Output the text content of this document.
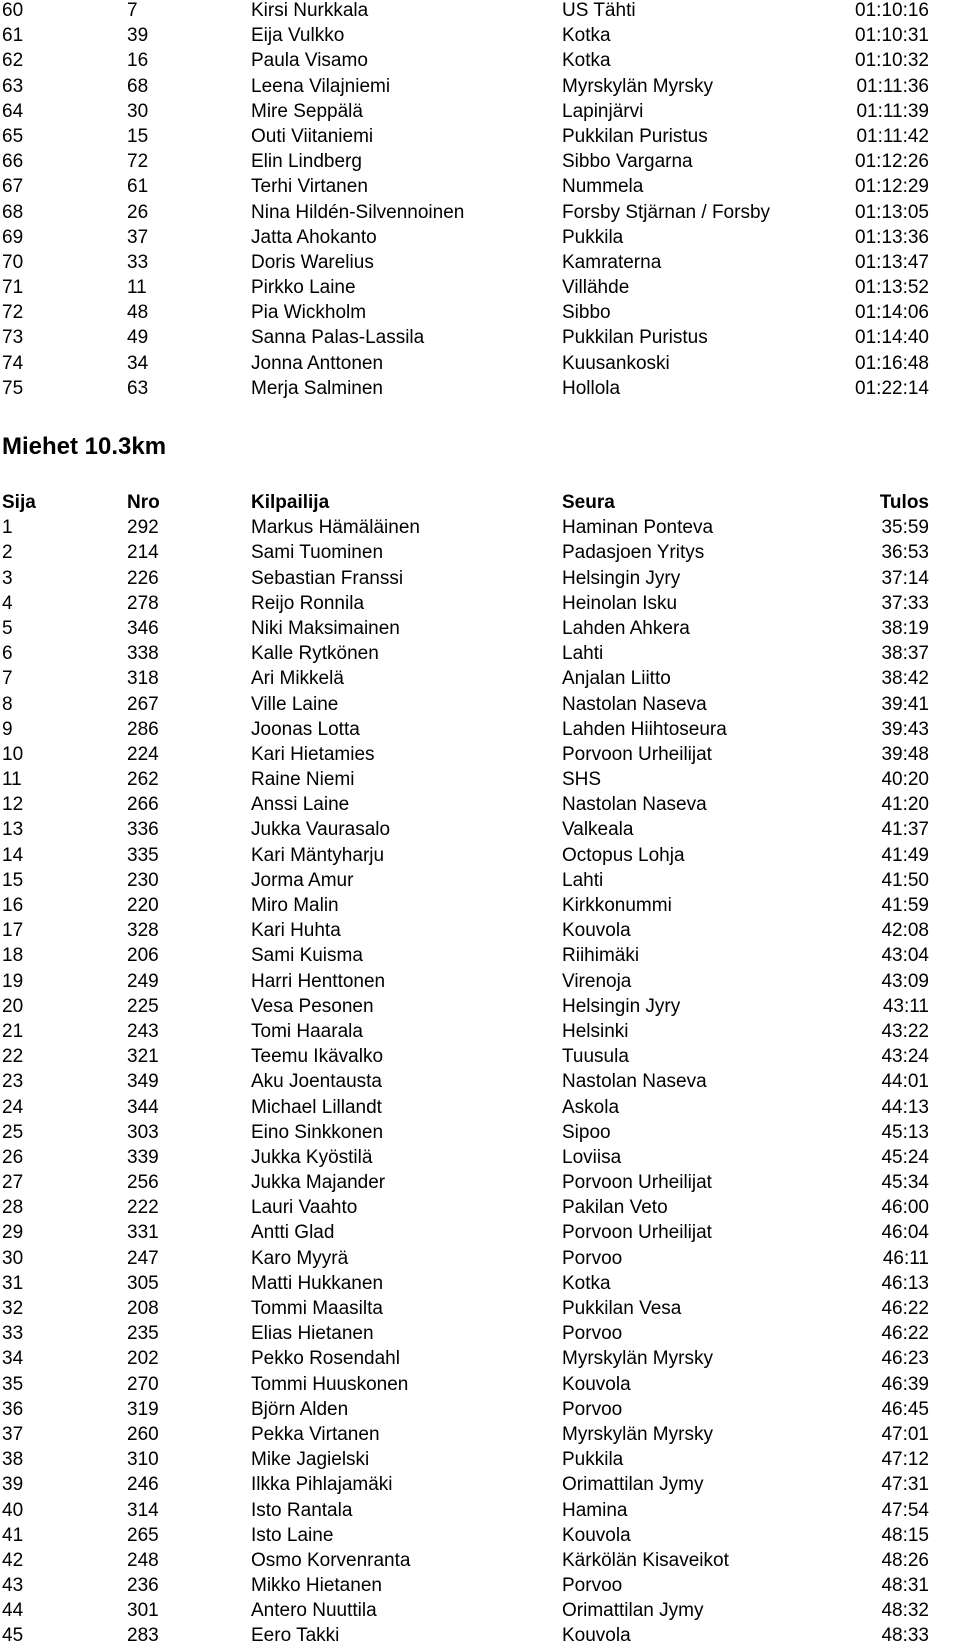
60	7	Kirsi Nurkkala	US Tähti	01:10:16
61	39	Eija Vulkko	Kotka	01:10:31
62	16	Paula Visamo	Kotka	01:10:32
63	68	Leena Vilajniemi	Myrskylän Myrsky	01:11:36
64	30	Mire Seppälä	Lapinjärvi	01:11:39
65	15	Outi Viitaniemi	Pukkilan Puristus	01:11:42
66	72	Elin Lindberg	Sibbo Vargarna	01:12:26
67	61	Terhi Virtanen	Nummela	01:12:29
68	26	Nina Hildén-Silvennoinen	Forsby Stjärnan / Forsby	01:13:05
69	37	Jatta Ahokanto	Pukkila	01:13:36
70	33	Doris Warelius	Kamraterna	01:13:47
71	11	Pirkko Laine	Villähde	01:13:52
72	48	Pia Wickholm	Sibbo	01:14:06
73	49	Sanna Palas-Lassila	Pukkilan Puristus	01:14:40
74	34	Jonna Anttonen	Kuusankoski	01:16:48
75	63	Merja Salminen	Hollola	01:22:14
Miehet 10.3km
Sija	Nro	Kilpailija	Seura	Tulos
1	292	Markus Hämäläinen	Haminan Ponteva	35:59
2	214	Sami Tuominen	Padasjoen Yritys	36:53
3	226	Sebastian Franssi	Helsingin Jyry	37:14
4	278	Reijo Ronnila	Heinolan Isku	37:33
5	346	Niki Maksimainen	Lahden Ahkera	38:19
6	338	Kalle Rytkönen	Lahti	38:37
7	318	Ari Mikkelä	Anjalan Liitto	38:42
8	267	Ville Laine	Nastolan Naseva	39:41
9	286	Joonas Lotta	Lahden Hiihtoseura	39:43
10	224	Kari Hietamies	Porvoon Urheilijat	39:48
11	262	Raine Niemi	SHS	40:20
12	266	Anssi Laine	Nastolan Naseva	41:20
13	336	Jukka Vaurasalo	Valkeala	41:37
14	335	Kari Mäntyharju	Octopus Lohja	41:49
15	230	Jorma Amur	Lahti	41:50
16	220	Miro Malin	Kirkkonummi	41:59
17	328	Kari Huhta	Kouvola	42:08
18	206	Sami Kuisma	Riihimäki	43:04
19	249	Harri Henttonen	Virenoja	43:09
20	225	Vesa Pesonen	Helsingin Jyry	43:11
21	243	Tomi Haarala	Helsinki	43:22
22	321	Teemu Ikävalko	Tuusula	43:24
23	349	Aku Joentausta	Nastolan Naseva	44:01
24	344	Michael Lillandt	Askola	44:13
25	303	Eino Sinkkonen	Sipoo	45:13
26	339	Jukka Kyöstilä	Loviisa	45:24
27	256	Jukka Majander	Porvoon Urheilijat	45:34
28	222	Lauri Vaahto	Pakilan Veto	46:00
29	331	Antti Glad	Porvoon Urheilijat	46:04
30	247	Karo Myyrä	Porvoo	46:11
31	305	Matti Hukkanen	Kotka	46:13
32	208	Tommi Maasilta	Pukkilan Vesa	46:22
33	235	Elias Hietanen	Porvoo	46:22
34	202	Pekko Rosendahl	Myrskylän Myrsky	46:23
35	270	Tommi Huuskonen	Kouvola	46:39
36	319	Björn Alden	Porvoo	46:45
37	260	Pekka Virtanen	Myrskylän Myrsky	47:01
38	310	Mike Jagielski	Pukkila	47:12
39	246	Ilkka Pihlajamäki	Orimattilan Jymy	47:31
40	314	Isto Rantala	Hamina	47:54
41	265	Isto Laine	Kouvola	48:15
42	248	Osmo Korvenranta	Kärkölän Kisaveikot	48:26
43	236	Mikko Hietanen	Porvoo	48:31
44	301	Antero Nuuttila	Orimattilan Jymy	48:32
45	283	Eero Takki	Kouvola	48:33
